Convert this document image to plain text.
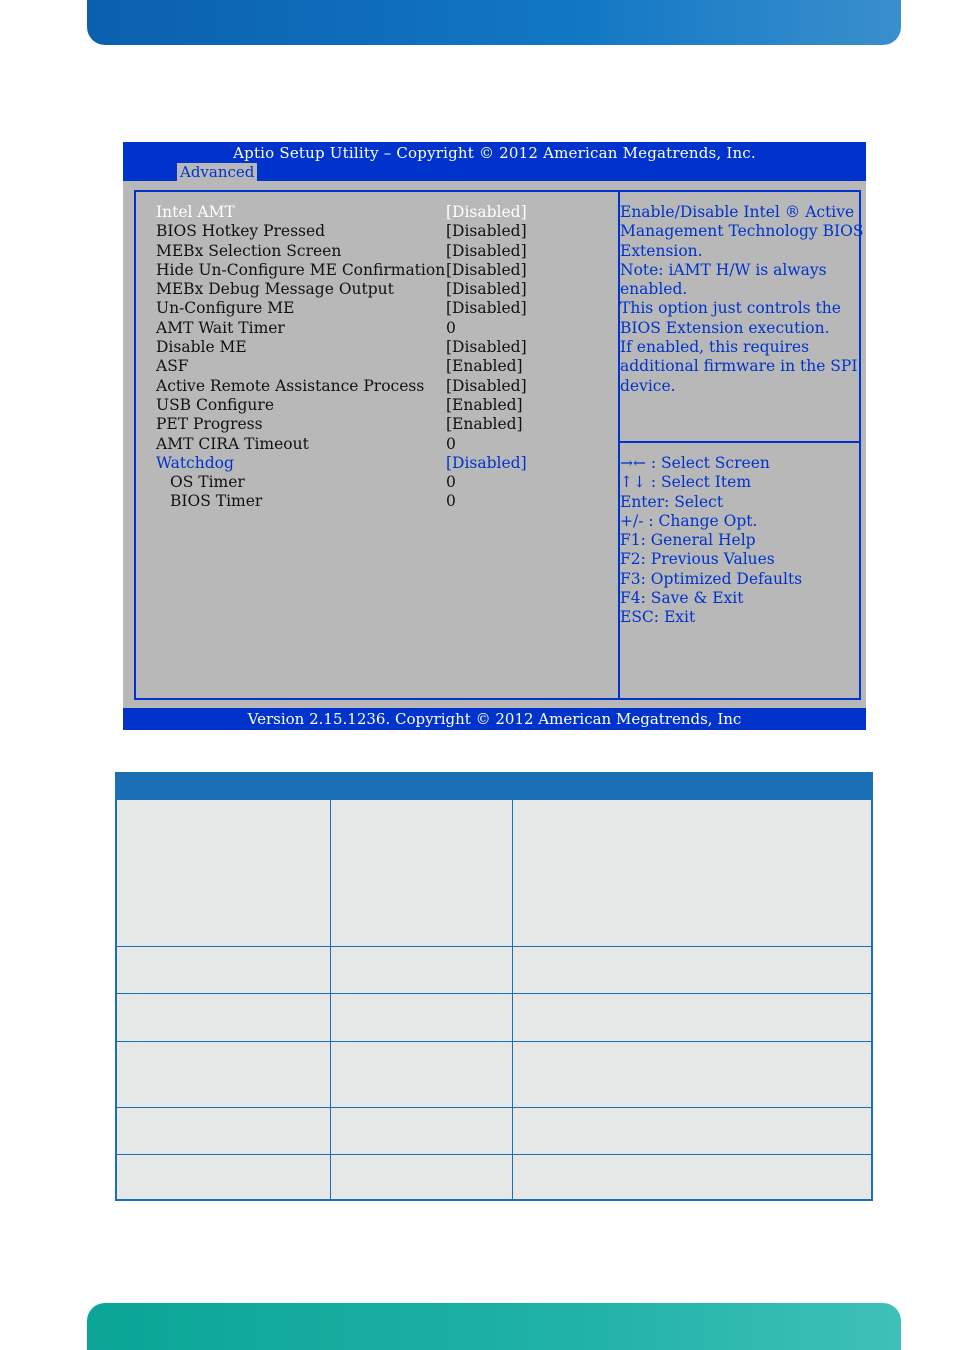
Aptio Setup Utility – Copyright © 2012 American Megatrends, Inc.
Advanced
Intel AMT	[Disabled]
BIOS Hotkey Pressed	[Disabled]
MEBx Selection Screen	[Disabled]
Hide Un-Configure ME Confirmation [Disabled]
MEBx Debug Message Output	[Disabled]
Un-Configure ME	[Disabled]
AMT Wait Timer	0
Disable ME	[Disabled]
ASF	[Enabled]
Active Remote Assistance Process [Disabled]
USB Configure	[Enabled]
PET Progress	[Enabled]
AMT CIRA Timeout	0
Watchdog	[Disabled]
OS Timer	0
BIOS Timer	0
Enable/Disable Intel ® Active
Management Technology BIOS
Extension.
Note: iAMT H/W is always
enabled.
This option just controls the
BIOS Extension execution.
If enabled, this requires
additional firmware in the SPI
device.
→← : Select Screen
↑↓ : Select Item
Enter: Select
+/- : Change Opt.
F1: General Help
F2: Previous Values
F3: Optimized Defaults
F4: Save & Exit
ESC: Exit
Version 2.15.1236. Copyright © 2012 American Megatrends, Inc
